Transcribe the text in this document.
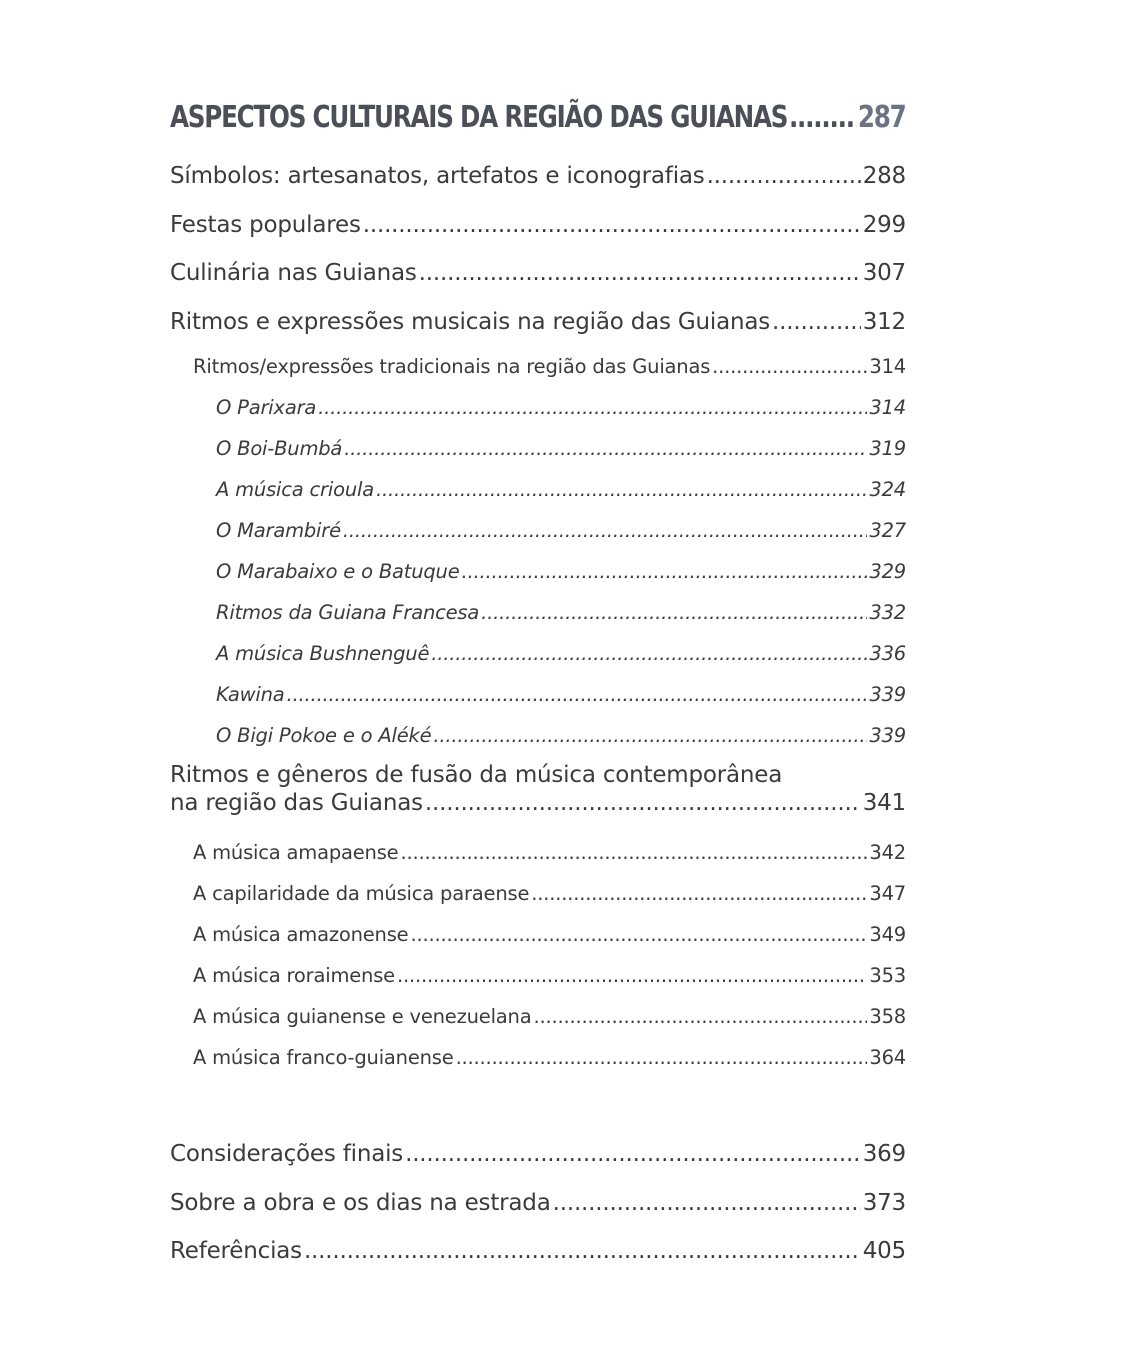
ASPECTOS CULTURAIS DA REGIÃO DAS GUIANAS ..... 287
Símbolos: artesanatos, artefatos e iconografias .....	288
Festas populares .....	299
Culinária nas Guianas .....	307
Ritmos e expressões musicais na região das Guianas .....	312
Ritmos/expressões tradicionais na região das Guianas .....	314
O Parixara .....	314
O Boi-Bumbá .....	319
A música crioula .....	324
O Marambiré .....	327
O Marabaixo e o Batuque .....	329
Ritmos da Guiana Francesa .....	332
A música Bushnenguê .....	336
Kawina .....	339
O Bigi Pokoe e o Aléké .....	339
Ritmos e gêneros de fusão da música contemporânea
na região das Guianas .....	341
A música amapaense .....	342
A capilaridade da música paraense .....	347
A música amazonense .....	349
A música roraimense .....	353
A música guianense e venezuelana .....	358
A música franco-guianense .....	364
Considerações finais .....	369
Sobre a obra e os dias na estrada .....	373
Referências .....	405
